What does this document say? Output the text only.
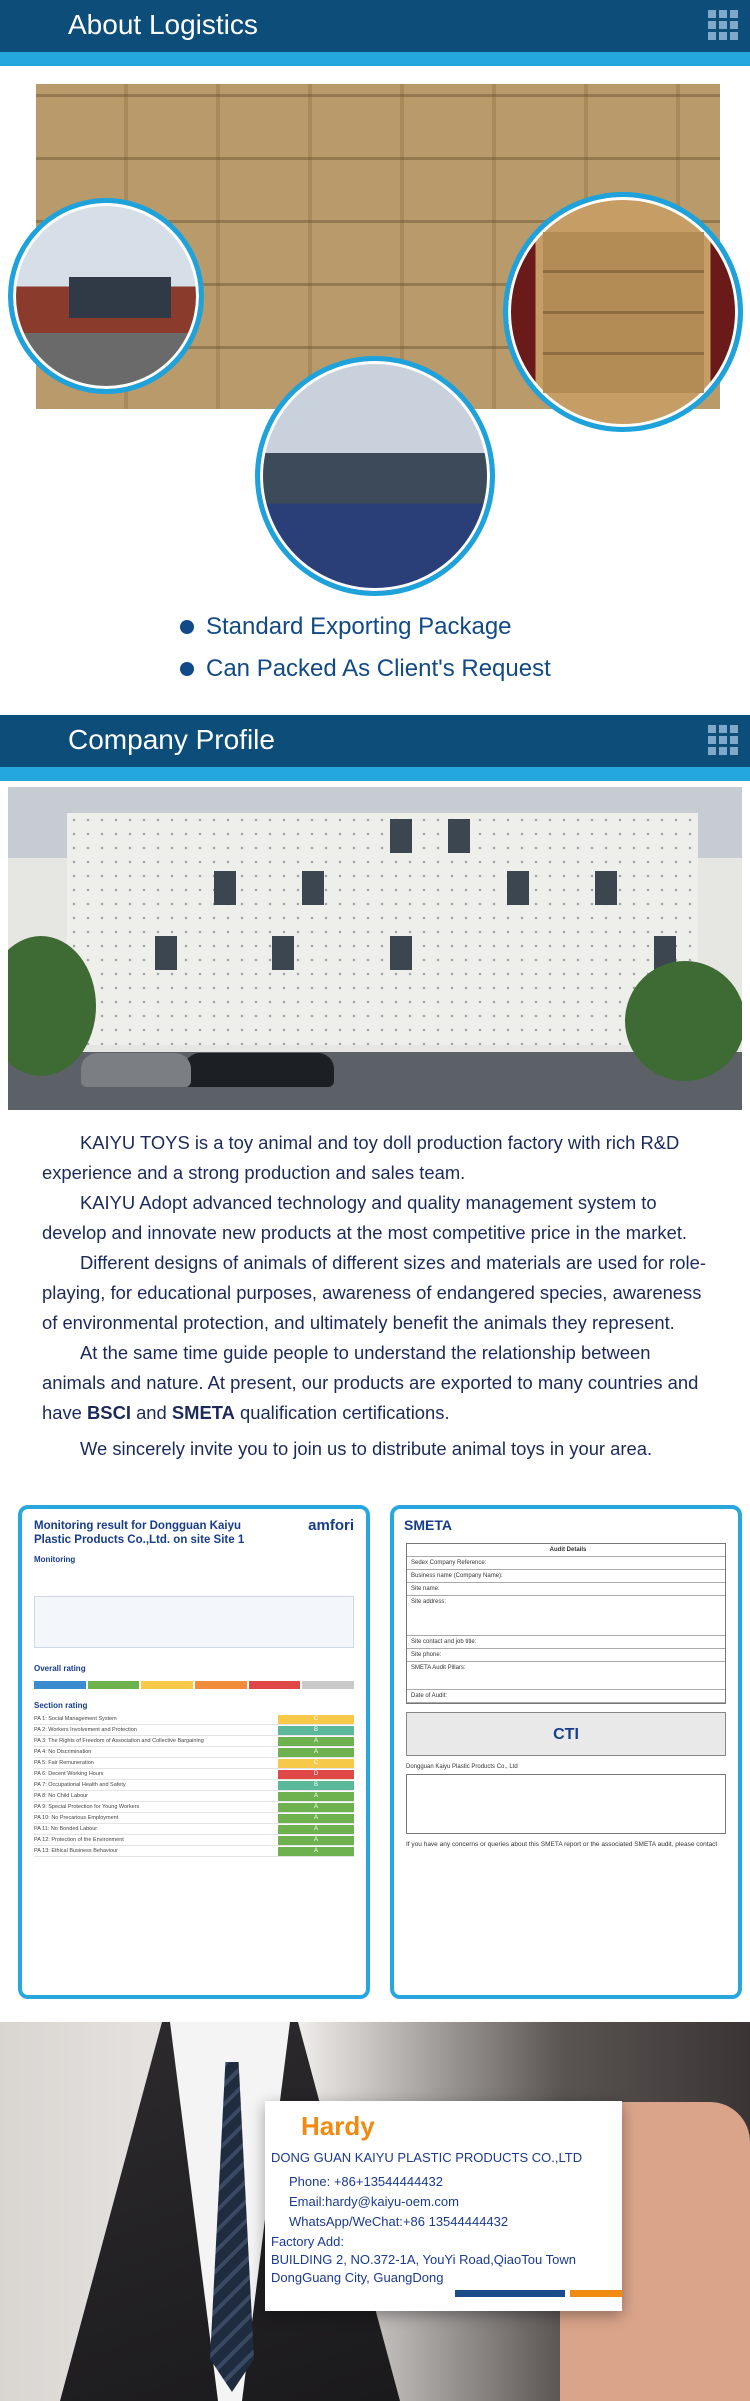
About Logistics
Standard Exporting Package
Can Packed As Client's Request
Company Profile

KAIYU TOYS is a toy animal and toy doll production factory with rich R&D experience and a strong production and sales team.

KAIYU Adopt advanced technology and quality management system to develop and innovate new products at the most competitive price in the market.

Different designs of animals of different sizes and materials are used for role-playing, for educational purposes, awareness of endangered species, awareness of environmental protection, and ultimately benefit the animals they represent.

At the same time guide people to understand the relationship between animals and nature. At present, our products are exported to many countries and have BSCI and SMETA qualification certifications.

We sincerely invite you to join us to distribute animal toys in your area.

Monitoring result for Dongguan Kaiyu Plastic Products Co.,Ltd. on site Site 1
amfori
Monitoring

Overall rating
Section rating
PA 1: Social Management System	C
PA 2: Workers Involvement and Protection	B
PA 3: The Rights of Freedom of Association and Collective Bargaining	A
PA 4: No Discrimination	A
PA 5: Fair Remuneration	C
PA 6: Decent Working Hours	D
PA 7: Occupational Health and Safety	B
PA 8: No Child Labour	A
PA 9: Special Protection for Young Workers	A
PA 10: No Precarious Employment	A
PA 11: No Bonded Labour	A
PA 12: Protection of the Environment	A
PA 13: Ethical Business Behaviour	A
SMETA
Audit Details
Sedex Company Reference:
Business name (Company Name):
Site name:
Site address:
Site contact and job title:
Site phone:
SMETA Audit Pillars:
Date of Audit:
CTI
Dongguan Kaiyu Plastic Products Co., Ltd
If you have any concerns or queries about this SMETA report or the associated SMETA audit, please contact
Hardy
DONG GUAN KAIYU PLASTIC PRODUCTS CO.,LTD
Phone: +86+13544444432
Email:hardy@kaiyu-oem.com
WhatsApp/WeChat:+86 13544444432
Factory Add:
BUILDING 2, NO.372-1A, YouYi Road,QiaoTou Town
DongGuang City, GuangDong
